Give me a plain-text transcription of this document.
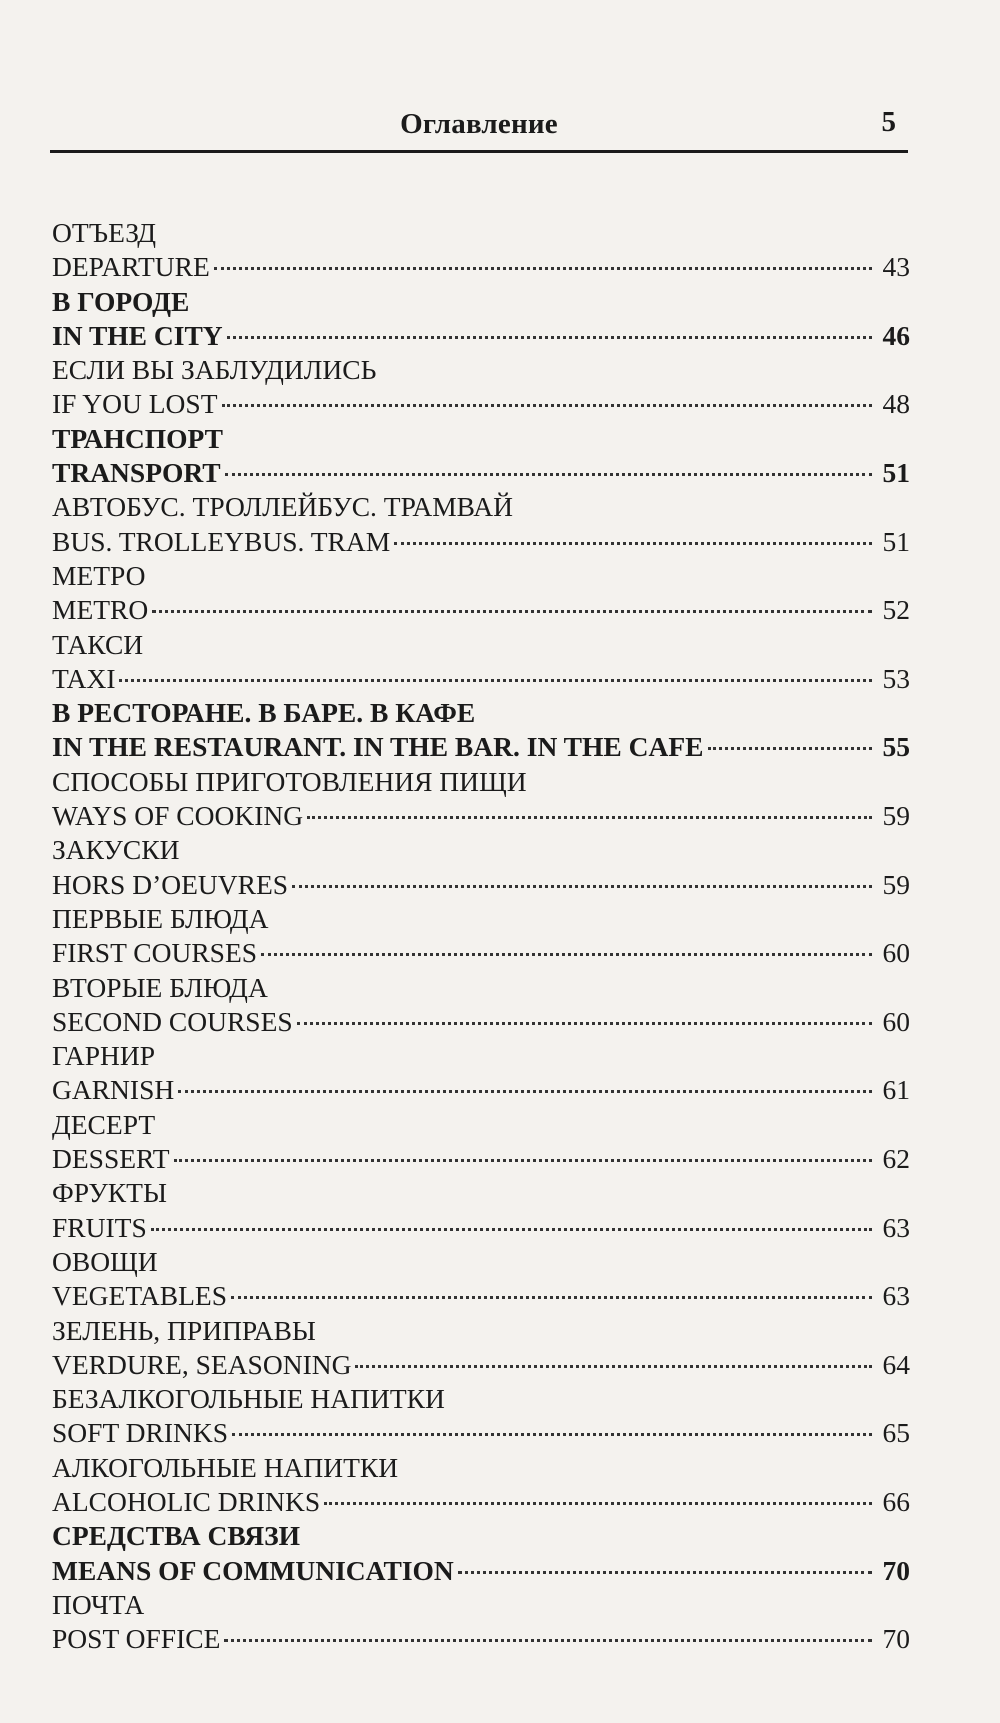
Оглавление	5
ОТЪЕЗД
DEPARTURE	43
В ГОРОДЕ
IN THE CITY	46
ЕСЛИ ВЫ ЗАБЛУДИЛИСЬ
IF YOU LOST	48
ТРАНСПОРТ
TRANSPORT	51
АВТОБУС. ТРОЛЛЕЙБУС. ТРАМВАЙ
BUS. TROLLEYBUS. TRAM	51
МЕТРО
METRO	52
ТАКСИ
TAXI	53
В РЕСТОРАНЕ. В БАРЕ. В КАФЕ
IN THE RESTAURANT. IN THE BAR. IN THE CAFE	55
СПОСОБЫ ПРИГОТОВЛЕНИЯ ПИЩИ
WAYS OF COOKING	59
ЗАКУСКИ
HORS D’OEUVRES	59
ПЕРВЫЕ БЛЮДА
FIRST COURSES	60
ВТОРЫЕ БЛЮДА
SECOND COURSES	60
ГАРНИР
GARNISH	61
ДЕСЕРТ
DESSERT	62
ФРУКТЫ
FRUITS	63
ОВОЩИ
VEGETABLES	63
ЗЕЛЕНЬ, ПРИПРАВЫ
VERDURE, SEASONING	64
БЕЗАЛКОГОЛЬНЫЕ НАПИТКИ
SOFT DRINKS	65
АЛКОГОЛЬНЫЕ НАПИТКИ
ALCOHOLIC DRINKS	66
СРЕДСТВА СВЯЗИ
MEANS OF COMMUNICATION	70
ПОЧТА
POST OFFICE	70
